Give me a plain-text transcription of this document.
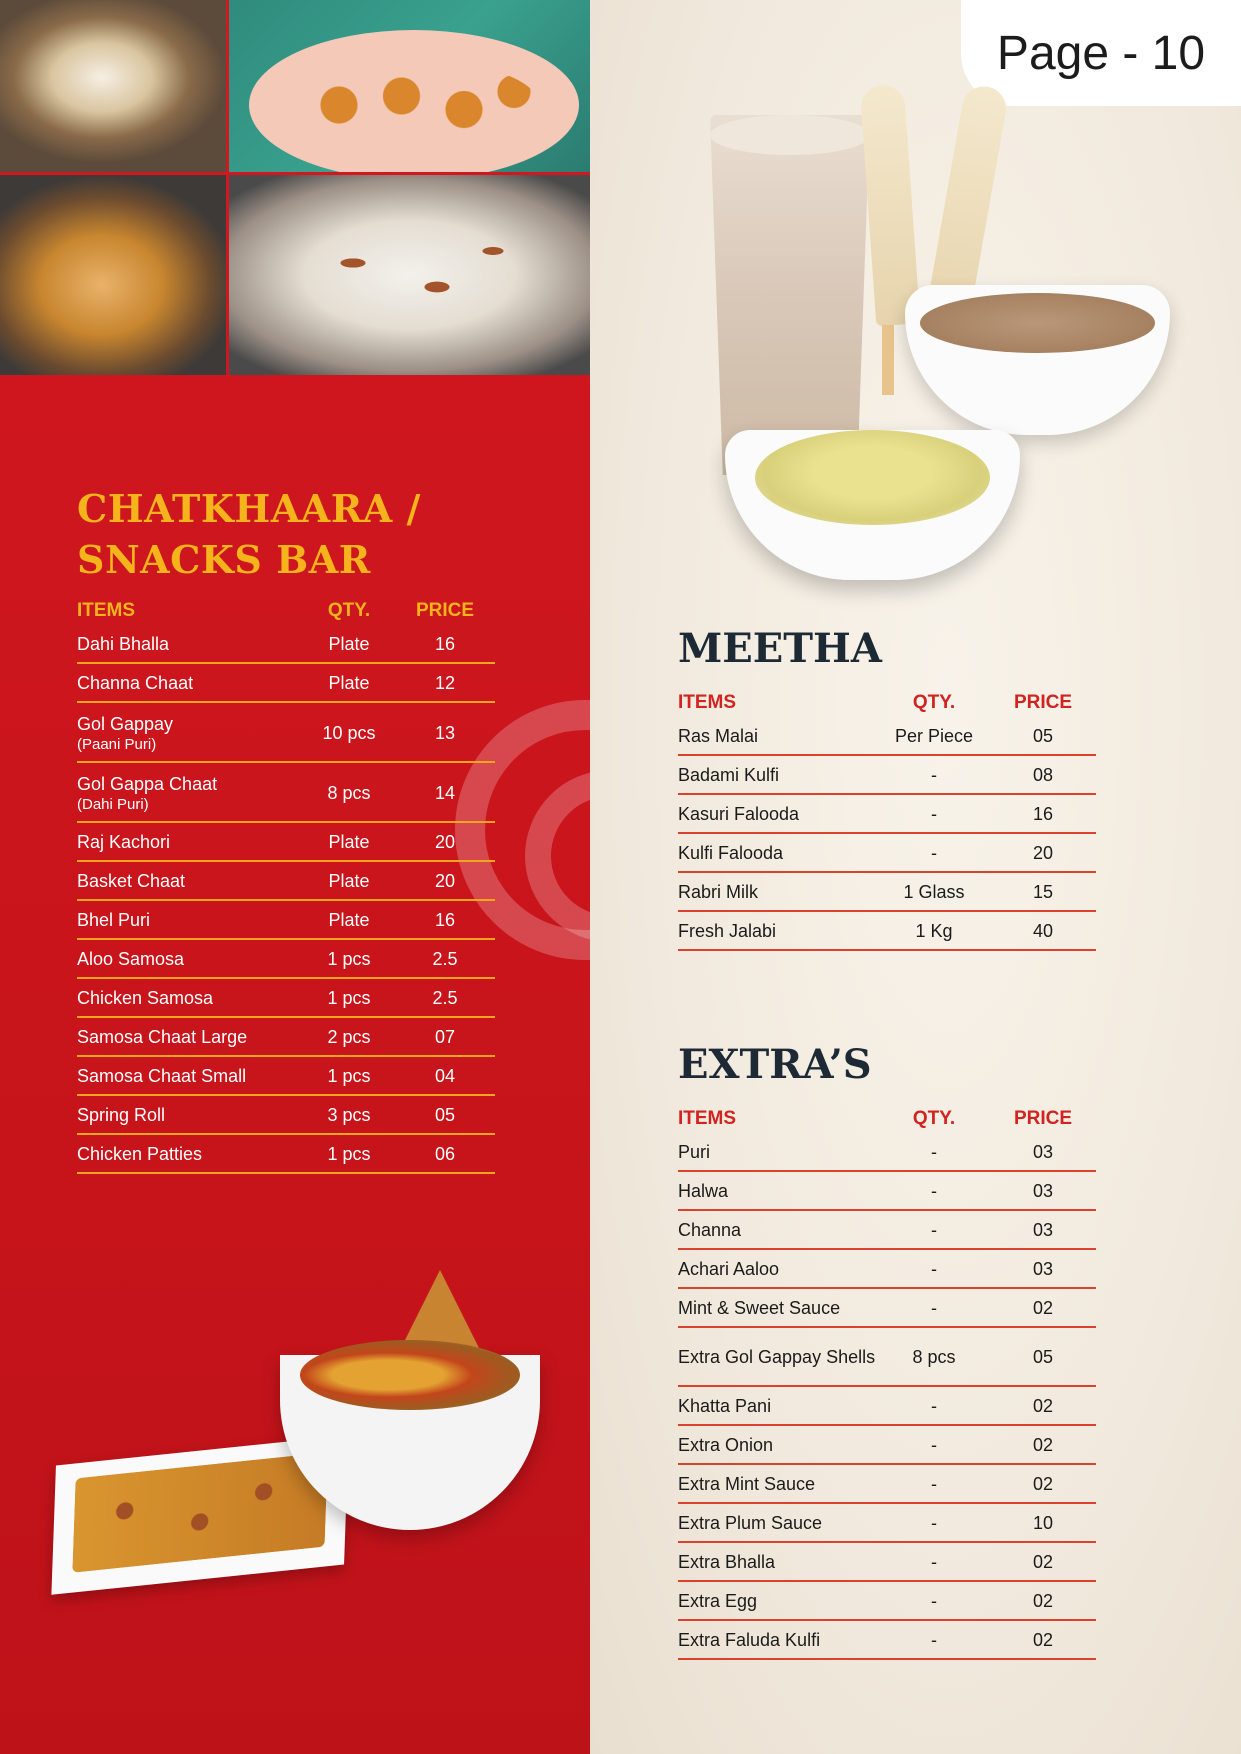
CHATKHAARA /
SNACKS BAR
ITEMS	QTY.	PRICE
Dahi Bhalla	Plate	16
Channa Chaat	Plate	12
Gol Gappay
(Paani Puri)
10 pcs	13
Gol Gappa Chaat
(Dahi Puri)
8 pcs	14
Raj Kachori	Plate	20
Basket Chaat	Plate	20
Bhel Puri	Plate	16
Aloo Samosa	1 pcs	2.5
Chicken Samosa	1 pcs	2.5
Samosa Chaat Large	2 pcs	07
Samosa Chaat Small	1 pcs	04
Spring Roll	3 pcs	05
Chicken Patties	1 pcs	06
Page - 10
MEETHA
ITEMS	QTY.	PRICE
Ras Malai	Per Piece	05
Badami Kulfi	-	08
Kasuri Falooda	-	16
Kulfi Falooda	-	20
Rabri Milk	1 Glass	15
Fresh Jalabi	1 Kg	40
EXTRA’S
ITEMS	QTY.	PRICE
Puri	-	03
Halwa	-	03
Channa	-	03
Achari Aaloo	-	03
Mint & Sweet Sauce	-	02
Extra Gol Gappay Shells	8 pcs	05
Khatta Pani	-	02
Extra Onion	-	02
Extra Mint Sauce	-	02
Extra Plum Sauce	-	10
Extra Bhalla	-	02
Extra Egg	-	02
Extra Faluda Kulfi	-	02
